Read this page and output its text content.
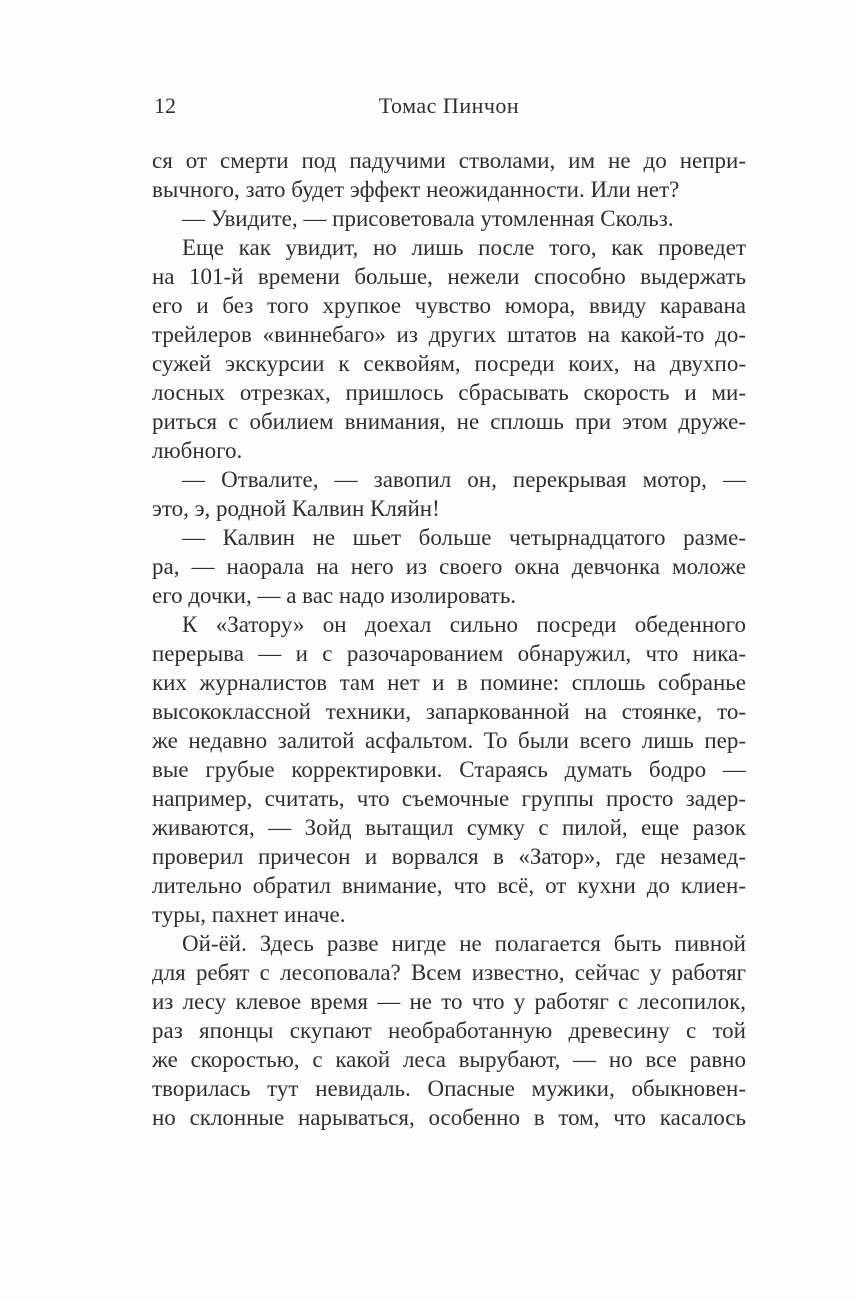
12	Томас Пинчон
ся от смерти под падучими стволами, им не до непри-
вычного, зато будет эффект неожиданности. Или нет?
— Увидите, — присоветовала утомленная Скольз.
Еще как увидит, но лишь после того, как проведет
на 101-й времени больше, нежели способно выдержать
его и без того хрупкое чувство юмора, ввиду каравана
трейлеров «виннебаго» из других штатов на какой-то до-
сужей экскурсии к секвойям, посреди коих, на двухпо-
лосных отрезках, пришлось сбрасывать скорость и ми-
риться с обилием внимания, не сплошь при этом друже-
любного.
— Отвалите, — завопил он, перекрывая мотор, —
это, э, родной Калвин Кляйн!
— Калвин не шьет больше четырнадцатого разме-
ра, — наорала на него из своего окна девчонка моложе
его дочки, — а вас надо изолировать.
К «Затору» он доехал сильно посреди обеденного
перерыва — и с разочарованием обнаружил, что ника-
ких журналистов там нет и в помине: сплошь собранье
высококлассной техники, запаркованной на стоянке, то-
же недавно залитой асфальтом. То были всего лишь пер-
вые грубые корректировки. Стараясь думать бодро —
например, считать, что съемочные группы просто задер-
живаются, — Зойд вытащил сумку с пилой, еще разок
проверил причесон и ворвался в «Затор», где незамед-
лительно обратил внимание, что всё, от кухни до клиен-
туры, пахнет иначе.
Ой-ёй. Здесь разве нигде не полагается быть пивной
для ребят с лесоповала? Всем известно, сейчас у работяг
из лесу клевое время — не то что у работяг с лесопилок,
раз японцы скупают необработанную древесину с той
же скоростью, с какой леса вырубают, — но все равно
творилась тут невидаль. Опасные мужики, обыкновен-
но склонные нарываться, особенно в том, что касалось
